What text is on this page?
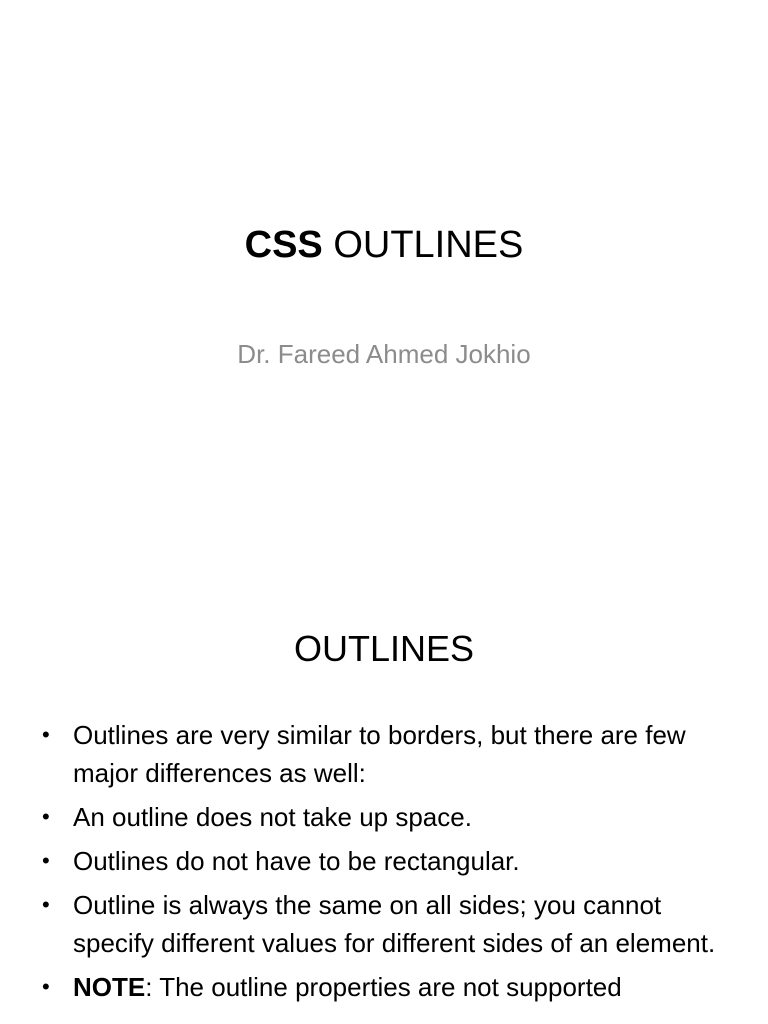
CSS OUTLINES
Dr. Fareed Ahmed Jokhio
OUTLINES
• Outlines are very similar to borders, but there are few major differences as well:
• An outline does not take up space.
• Outlines do not have to be rectangular.
• Outline is always the same on all sides; you cannot specify different values for different sides of an element.
• NOTE: The outline properties are not supported
